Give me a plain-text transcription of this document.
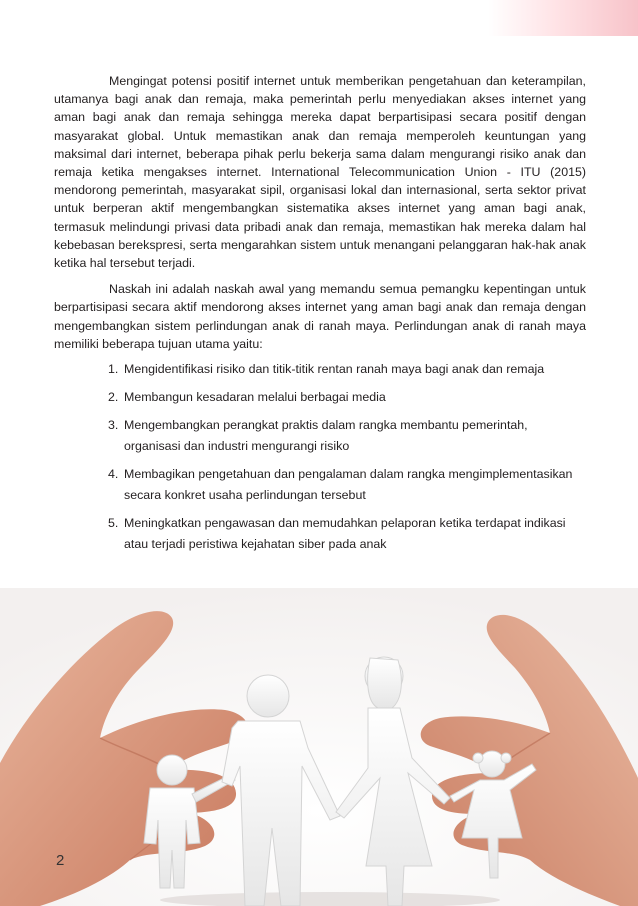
Mengingat potensi positif internet untuk memberikan pengetahuan dan keterampilan, utamanya bagi anak dan remaja, maka pemerintah perlu menyediakan akses internet yang aman bagi anak dan remaja sehingga mereka dapat berpartisipasi secara positif dengan masyarakat global. Untuk memastikan anak dan remaja memperoleh keuntungan yang maksimal dari internet, beberapa pihak perlu bekerja sama dalam mengurangi risiko anak dan remaja ketika mengakses internet. International Telecommunication Union - ITU (2015) mendorong pemerintah, masyarakat sipil, organisasi lokal dan internasional, serta sektor privat untuk berperan aktif mengembangkan sistematika akses internet yang aman bagi anak, termasuk melindungi privasi data pribadi anak dan remaja, memastikan hak mereka dalam hal kebebasan berekspresi, serta mengarahkan sistem untuk menangani pelanggaran hak-hak anak ketika hal tersebut terjadi.

Naskah ini adalah naskah awal yang memandu semua pemangku kepentingan untuk berpartisipasi secara aktif mendorong akses internet yang aman bagi anak dan remaja dengan mengembangkan sistem perlindungan anak di ranah maya. Perlindungan anak di ranah maya memiliki beberapa tujuan utama yaitu:

1. Mengidentifikasi risiko dan titik-titik rentan ranah maya bagi anak dan remaja
2. Membangun kesadaran melalui berbagai media
3. Mengembangkan perangkat praktis dalam rangka membantu pemerintah, organisasi dan industri mengurangi risiko
4. Membagikan pengetahuan dan pengalaman dalam rangka mengimplementasikan secara konkret usaha perlindungan tersebut
5. Meningkatkan pengawasan dan memudahkan pelaporan ketika terdapat indikasi atau terjadi peristiwa kejahatan siber pada anak
2
